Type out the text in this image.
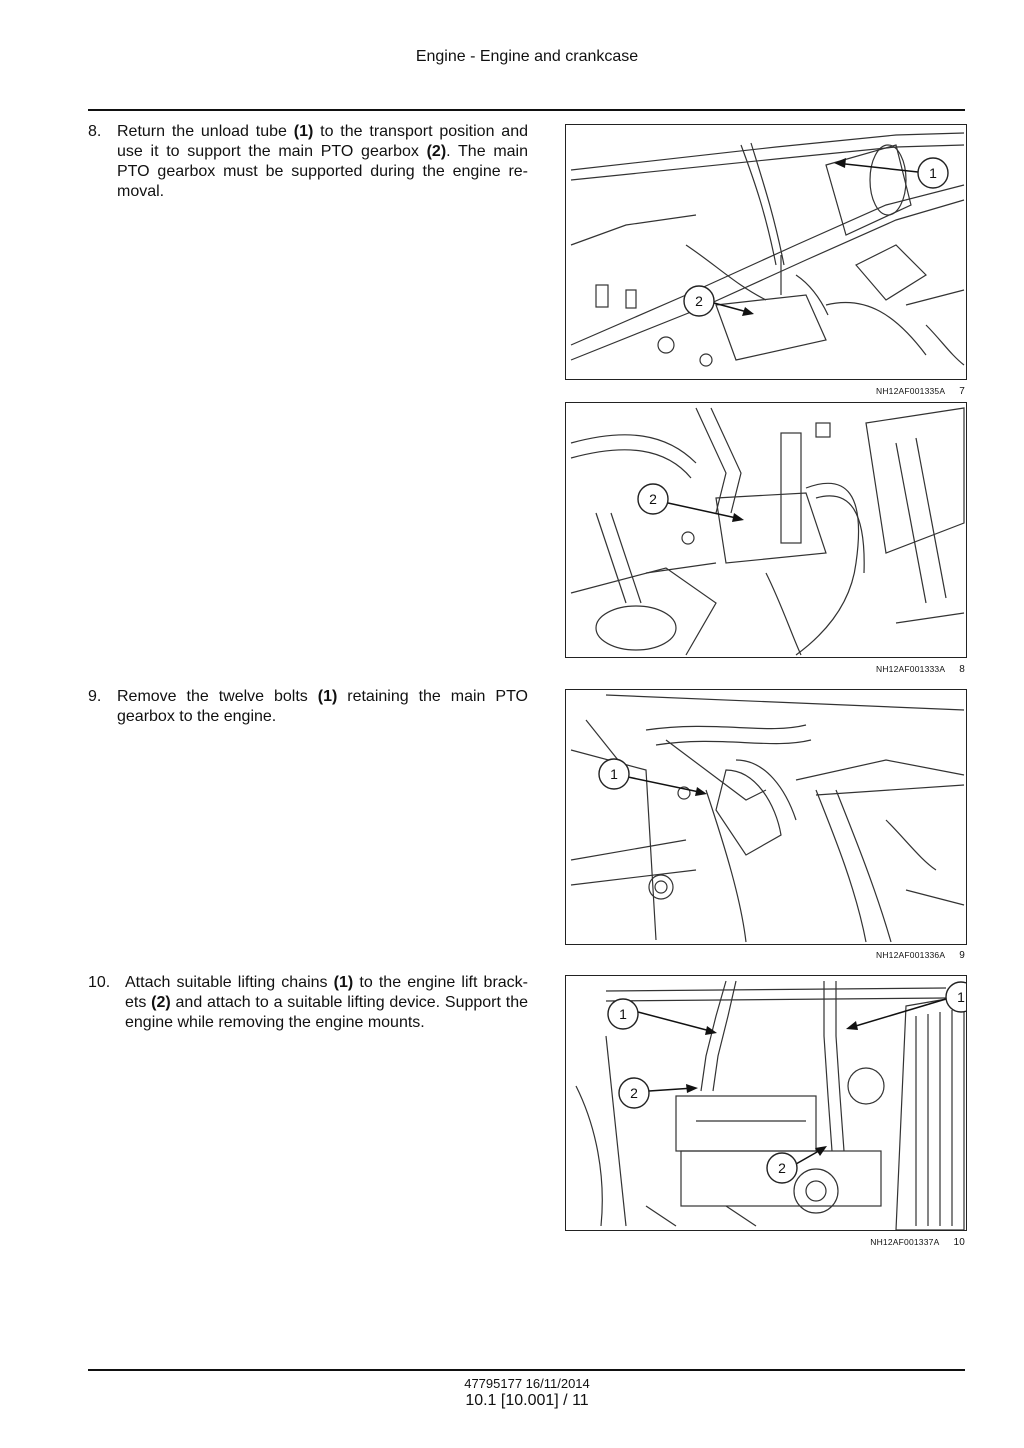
Engine - Engine and crankcase
8. Return the unload tube (1) to the transport position and use it to support the main PTO gearbox (2). The main PTO gearbox must be supported during the engine re-moval.
9. Remove the twelve bolts (1) retaining the main PTO gearbox to the engine.
10. Attach suitable lifting chains (1) to the engine lift brack-ets (2) and attach to a suitable lifting device. Support the engine while removing the engine mounts.
1
2
NH12AF001335A 7
2
NH12AF001333A 8
1
NH12AF001336A 9
1
1
2
2
NH12AF001337A 10
47795177 16/11/2014
10.1 [10.001] / 11
